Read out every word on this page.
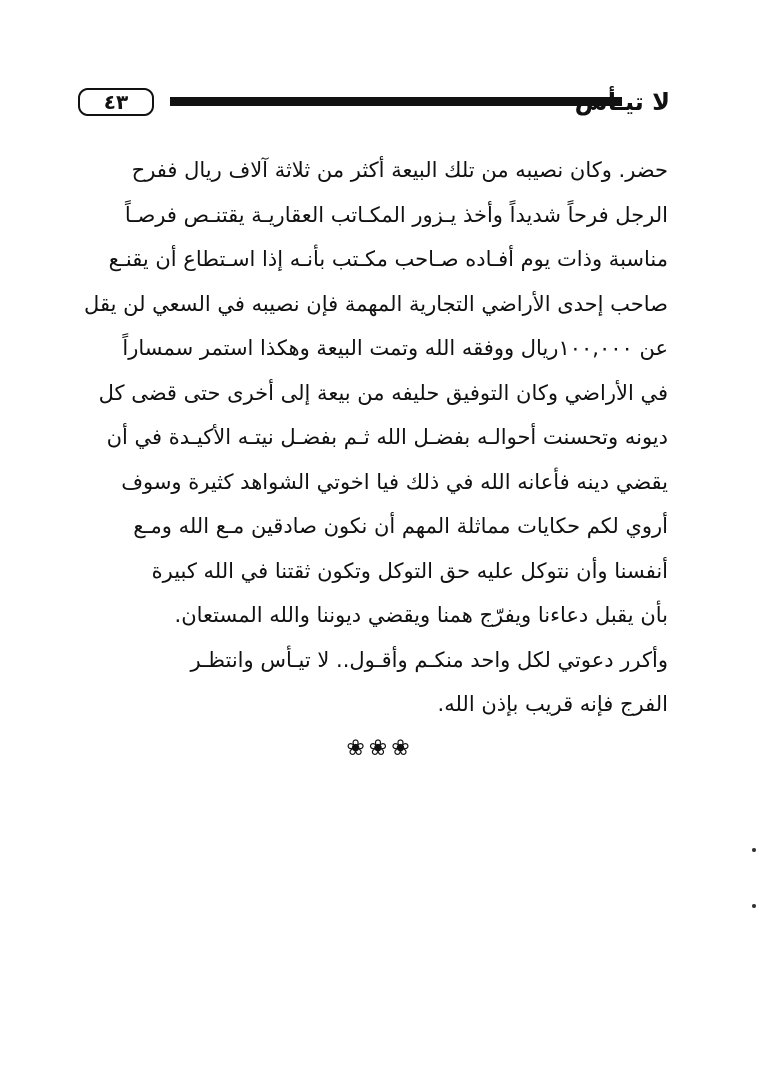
٤٣	لا تيـأس

حضر. وكان نصيبه من تلك البيعة أكثر من ثلاثة آلاف ريال ففرح
الرجل فرحاً شديداً وأخذ يـزور المكـاتب العقاريـة يقتنـص فرصـاً
مناسبة وذات يوم أفـاده صـاحب مكـتب بأنـه إذا اسـتطاع أن يقنـع
صاحب إحدى الأراضي التجارية المهمة فإن نصيبه في السعي لن يقل
عن ١٠٠,٠٠٠ريال ووفقه الله وتمت البيعة وهكذا استمر سمساراً
في الأراضي وكان التوفيق حليفه من بيعة إلى أخرى حتى قضى كل
ديونه وتحسنت أحوالـه بفضـل الله ثـم بفضـل نيتـه الأكيـدة في أن
يقضي دينه فأعانه الله في ذلك فيا اخوتي الشواهد كثيرة وسوف
أروي لكم حكايات مماثلة المهم أن نكون صادقين مـع الله ومـع
أنفسنا وأن نتوكل عليه حق التوكل وتكون ثقتنا في الله كبيرة
بأن يقبل دعاءنا ويفرّج همنا ويقضي ديوننا والله المستعان.

وأكرر دعوتي لكل واحد منكـم وأقـول.. لا تيـأس وانتظـر
الفرج فإنه قريب بإذن الله.

❀❀❀
